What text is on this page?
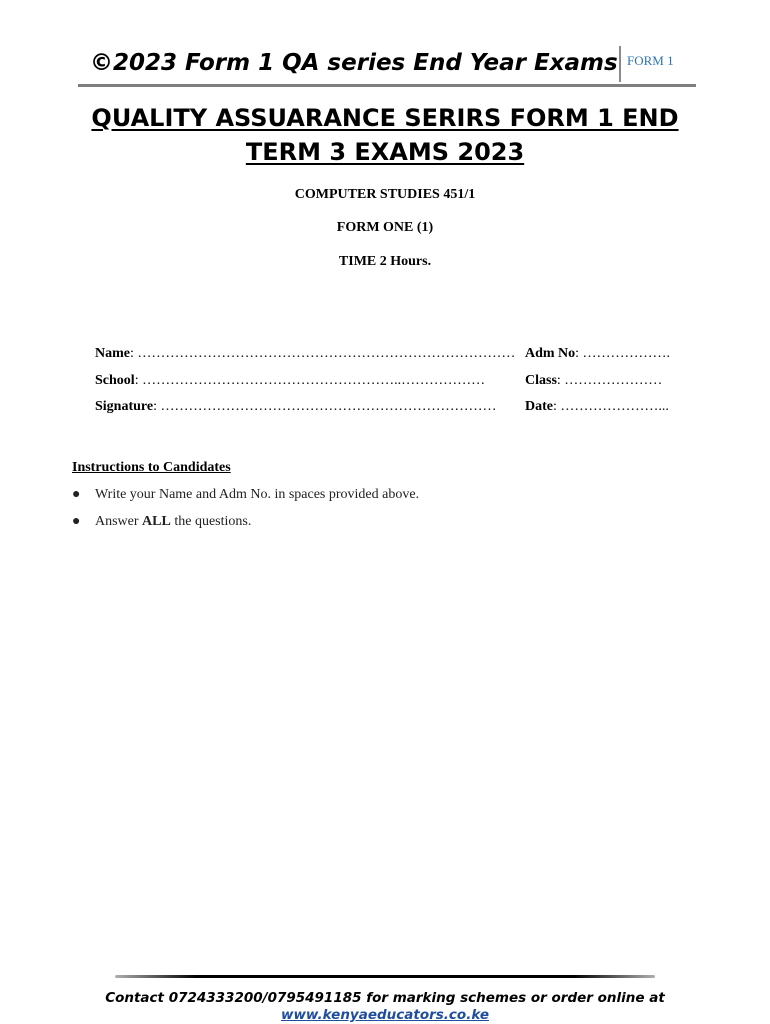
©2023 Form 1 QA series End Year Exams FORM 1
QUALITY ASSUARANCE SERIRS FORM 1 END
TERM 3 EXAMS 2023
COMPUTER STUDIES 451/1
FORM ONE (1)
TIME 2 Hours.
Name: ……………………………………………………………………… Adm No: ……………….
School: ………………………………………………..………………	Class: …………………
Signature: ……………………………………………………………… Date: …………………...
Instructions to Candidates
● Write your Name and Adm No. in spaces provided above.
● Answer ALL the questions.
Contact 0724333200/0795491185 for marking schemes or order online at
www.kenyaeducators.co.ke
